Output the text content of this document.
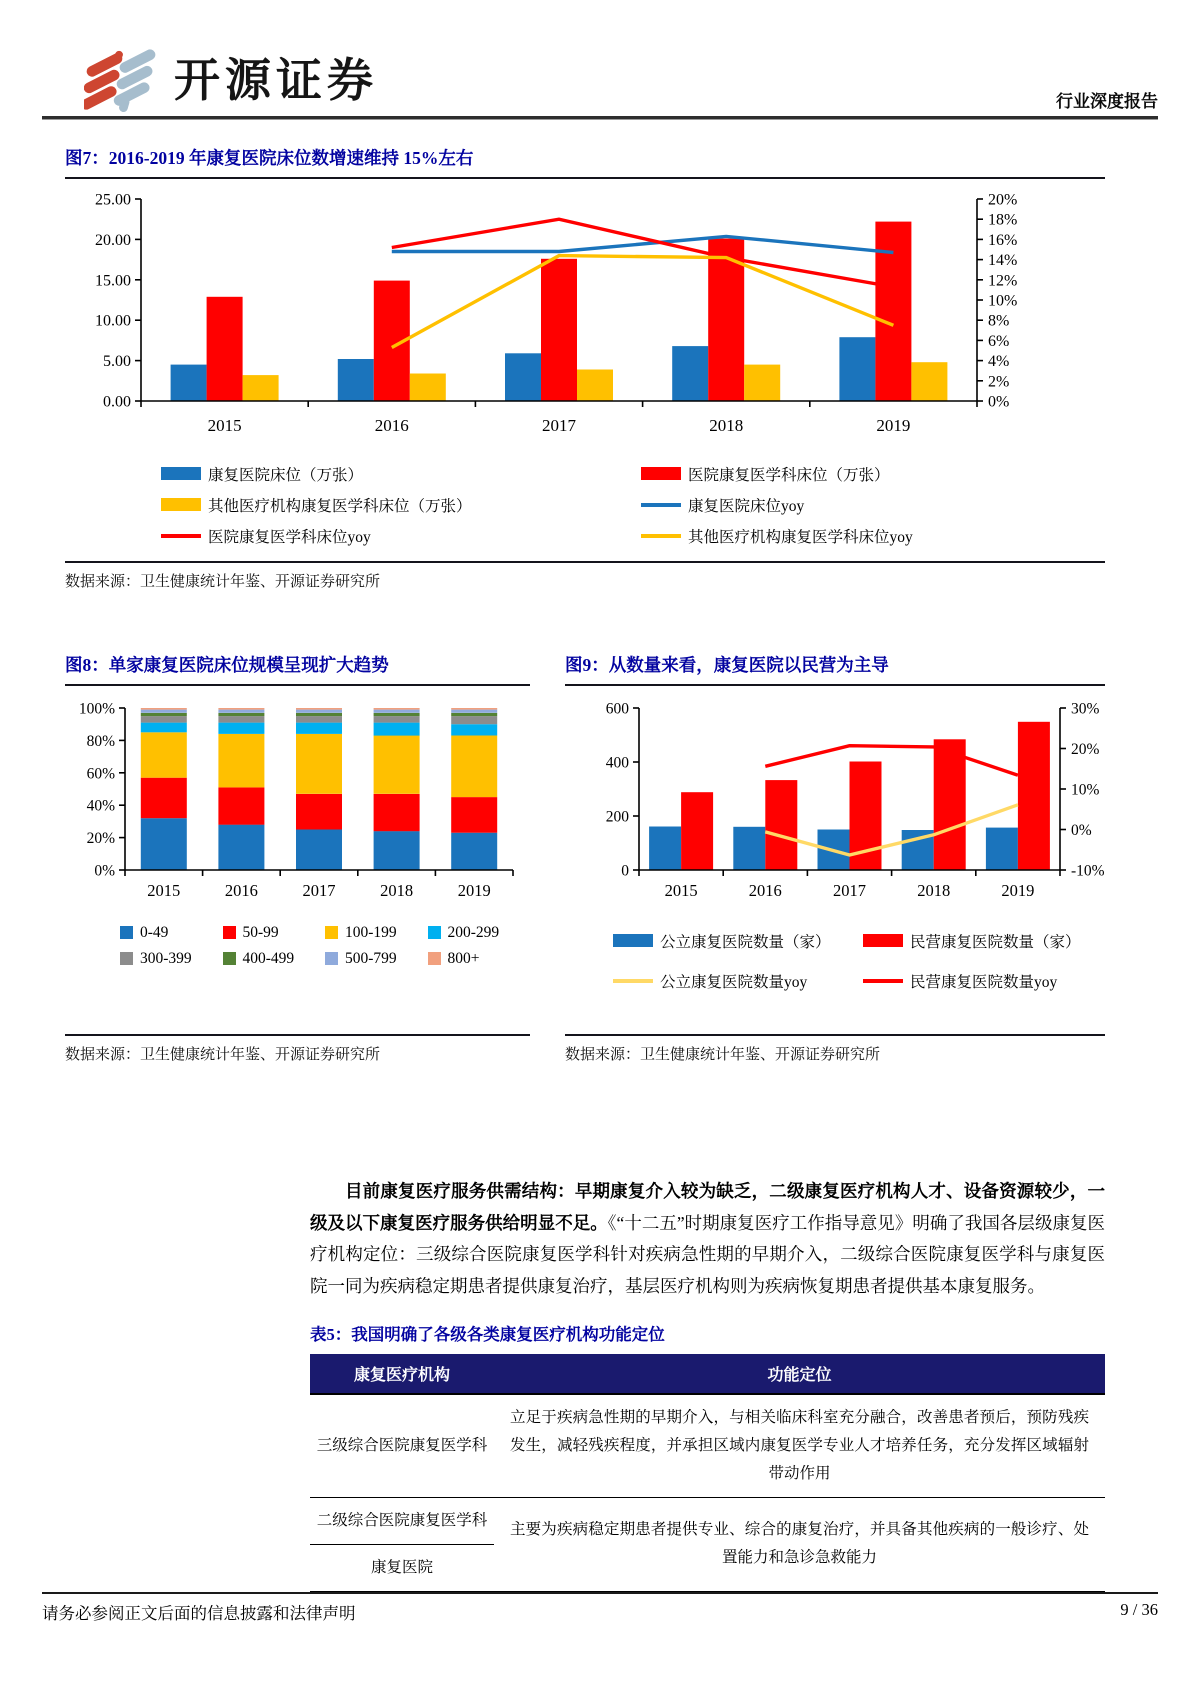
开源证券	行业深度报告
图7：2016-2019 年康复医院床位数增速维持 15%左右
0.00
5.00
10.00
15.00
20.00
25.00
0%
2%
4%
6%
8%
10%
12%
14%
16%
18%
20%
2015	2016	2017	2018	2019
康复医院床位（万张）	医院康复医学科床位（万张）
其他医疗机构康复医学科床位（万张）	康复医院床位yoy
医院康复医学科床位yoy	其他医疗机构康复医学科床位yoy
数据来源：卫生健康统计年鉴、开源证券研究所
图8：单家康复医院床位规模呈现扩大趋势
0%
20%
40%
60%
80%
100%
2015	2016	2017	2018	2019
0-49	50-99	100-199	200-299
300-399	400-499	500-799	800+
数据来源：卫生健康统计年鉴、开源证券研究所
图9：从数量来看，康复医院以民营为主导
0
200
400
600
-10%
0%
10%
20%
30%
2015	2016	2017	2018	2019
公立康复医院数量（家）	民营康复医院数量（家）
公立康复医院数量yoy	民营康复医院数量yoy
数据来源：卫生健康统计年鉴、开源证券研究所

目前康复医疗服务供需结构：早期康复介入较为缺乏，二级康复医疗机构人才、设备资源较少，一级及以下康复医疗服务供给明显不足。《“十二五”时期康复医疗工作指导意见》明确了我国各层级康复医疗机构定位：三级综合医院康复医学科针对疾病急性期的早期介入，二级综合医院康复医学科与康复医院一同为疾病稳定期患者提供康复治疗，基层医疗机构则为疾病恢复期患者提供基本康复服务。

表5：我国明确了各级各类康复医疗机构功能定位
康复医疗机构	功能定位
三级综合医院康复医学科	立足于疾病急性期的早期介入，与相关临床科室充分融合，改善患者预后，预防残疾发生，减轻残疾程度，并承担区域内康复医学专业人才培养任务，充分发挥区域辐射带动作用
二级综合医院康复医学科	主要为疾病稳定期患者提供专业、综合的康复治疗，并具备其他疾病的一般诊疗、处置能力和急诊急救能力
康复医院	
请务必参阅正文后面的信息披露和法律声明	9 / 36
